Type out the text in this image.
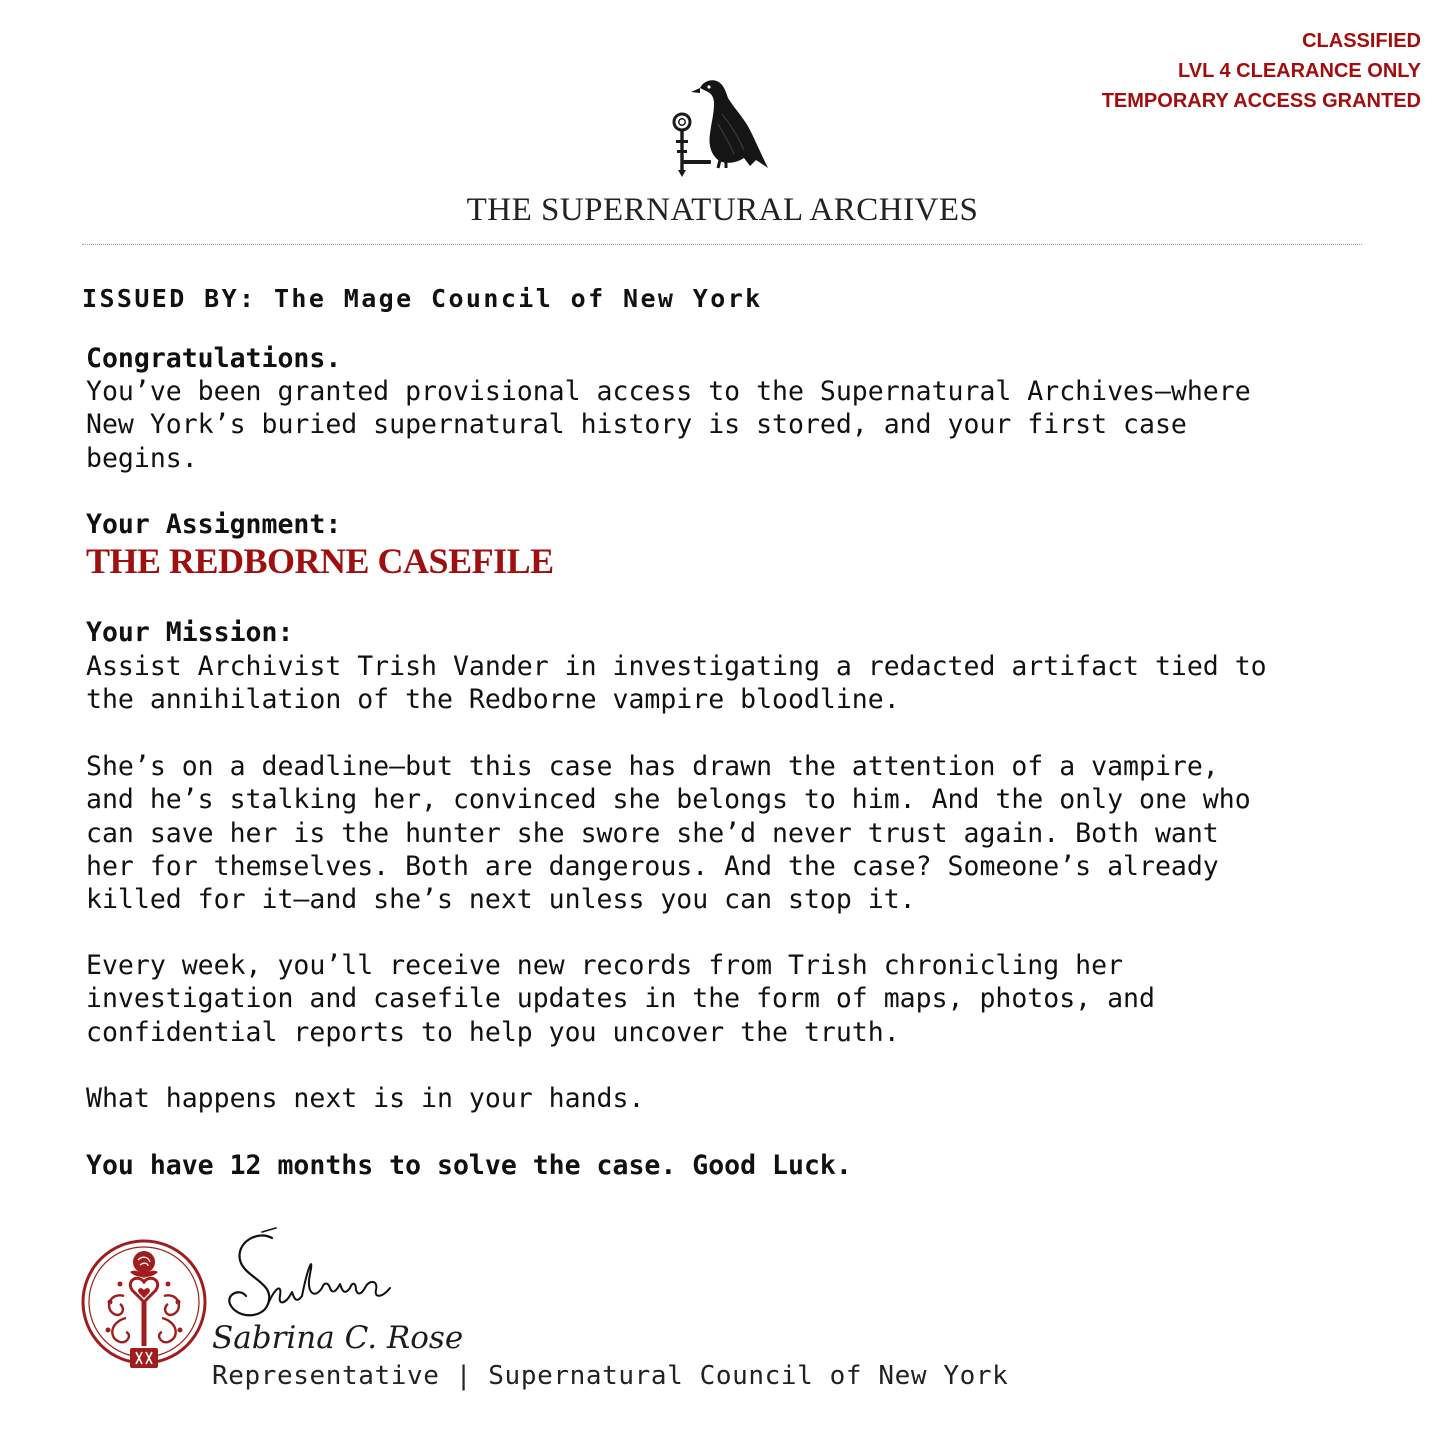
CLASSIFIED
LVL 4 CLEARANCE ONLY
TEMPORARY ACCESS GRANTED
THE SUPERNATURAL ARCHIVES
ISSUED BY: The Mage Council of New York
Congratulations.
You’ve been granted provisional access to the Supernatural Archives—where
New York’s buried supernatural history is stored, and your first case
begins.
Your Assignment:
THE REDBORNE CASEFILE
Your Mission:
Assist Archivist Trish Vander in investigating a redacted artifact tied to
the annihilation of the Redborne vampire bloodline.
She’s on a deadline—but this case has drawn the attention of a vampire,
and he’s stalking her, convinced she belongs to him. And the only one who
can save her is the hunter she swore she’d never trust again. Both want
her for themselves. Both are dangerous. And the case? Someone’s already
killed for it—and she’s next unless you can stop it.
Every week, you’ll receive new records from Trish chronicling her
investigation and casefile updates in the form of maps, photos, and
confidential reports to help you uncover the truth.
What happens next is in your hands.
You have 12 months to solve the case. Good Luck.
Sabrina C. Rose
Representative | Supernatural Council of New York
